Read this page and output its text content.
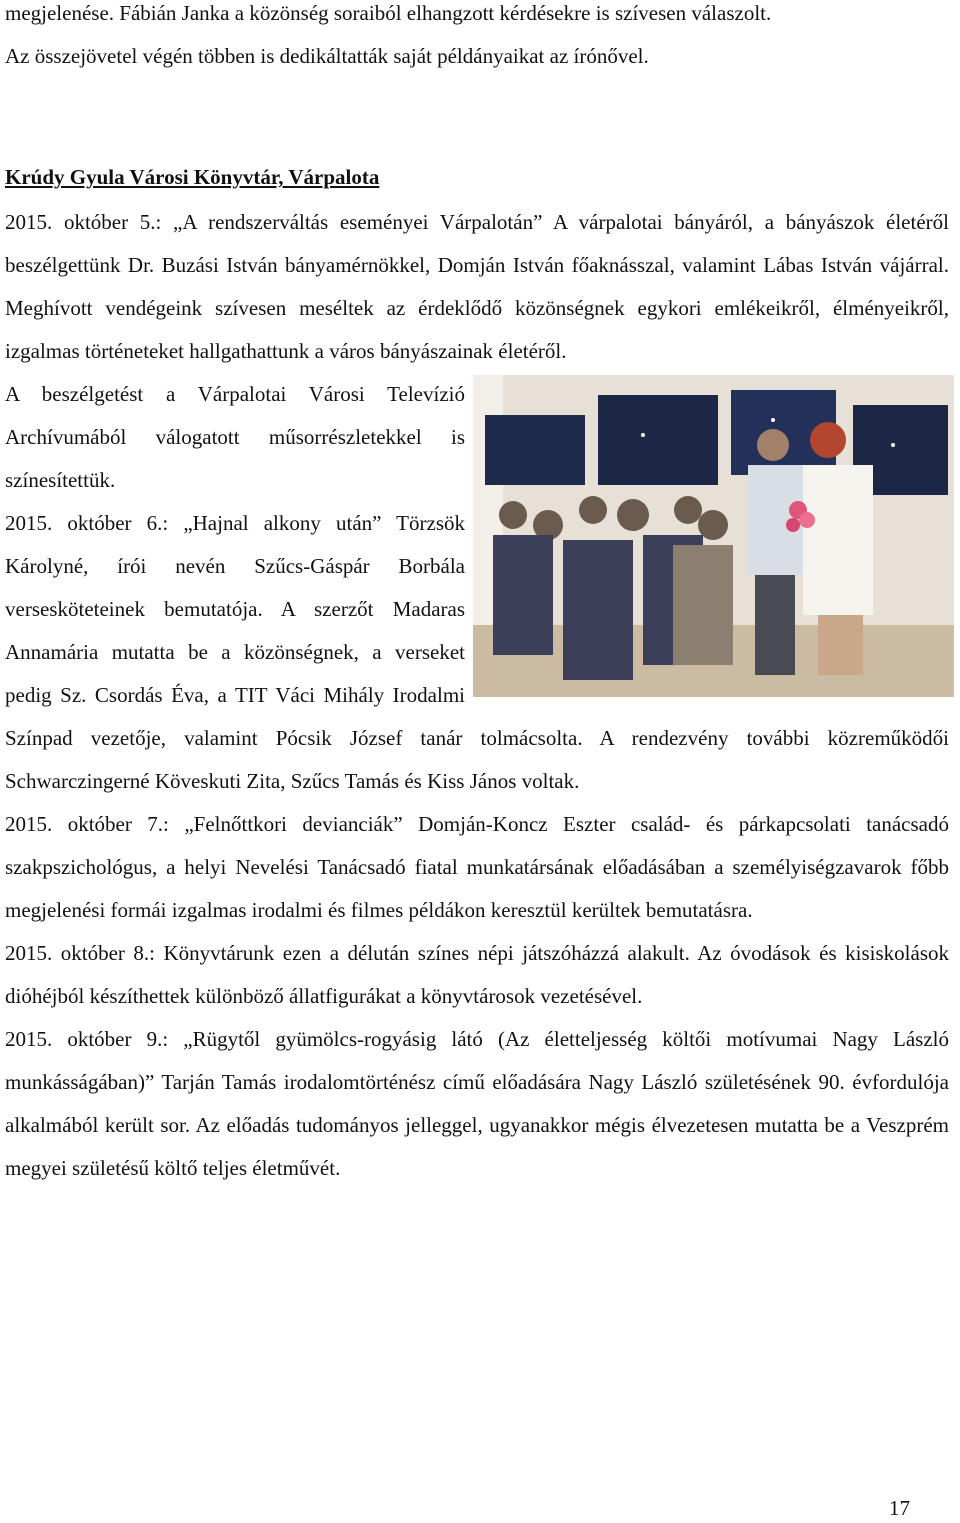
megjelenése. Fábián Janka a közönség soraiból elhangzott kérdésekre is szívesen válaszolt.

Az összejövetel végén többen is dedikáltatták saját példányaikat az írónővel.

Krúdy Gyula Városi Könyvtár, Várpalota

2015. október 5.: „A rendszerváltás eseményei Várpalotán” A várpalotai bányáról, a bányászok életéről beszélgettünk Dr. Buzási István bányamérnökkel, Domján István főaknásszal, valamint Lábas István vájárral. Meghívott vendégeink szívesen meséltek az érdeklődő közönségnek egykori emlékeikről, élményeikről, izgalmas történeteket hallgathattunk a város bányászainak életéről.

A beszélgetést a Várpalotai Városi Televízió Archívumából válogatott műsorrészletekkel is színesítettük.

2015. október 6.: „Hajnal alkony után” Törzsök Károlyné, írói nevén Szűcs-Gáspár Borbála versesköteteinek bemutatója. A szerzőt Madaras Annamária mutatta be a közönségnek, a verseket pedig Sz. Csordás Éva, a TIT Váci Mihály Irodalmi Színpad vezetője, valamint Pócsik József tanár tolmácsolta. A rendezvény további közreműködői Schwarczingerné Köveskuti Zita, Szűcs Tamás és Kiss János voltak.

2015. október 7.: „Felnőttkori devianciák” Domján-Koncz Eszter család- és párkapcsolati tanácsadó szakpszichológus, a helyi Nevelési Tanácsadó fiatal munkatársának előadásában a személyiségzavarok főbb megjelenési formái izgalmas irodalmi és filmes példákon keresztül kerültek bemutatásra.

2015. október 8.: Könyvtárunk ezen a délután színes népi játszóházzá alakult. Az óvodások és kisiskolások dióhéjból készíthettek különböző állatfigurákat a könyvtárosok vezetésével.

2015. október 9.: „Rügytől gyümölcs-rogyásig látó (Az életteljesség költői motívumai Nagy László munkásságában)” Tarján Tamás irodalomtörténész című előadására Nagy László születésének 90. évfordulója alkalmából került sor. Az előadás tudományos jelleggel, ugyanakkor mégis élvezetesen mutatta be a Veszprém megyei születésű költő teljes életművét.

17
